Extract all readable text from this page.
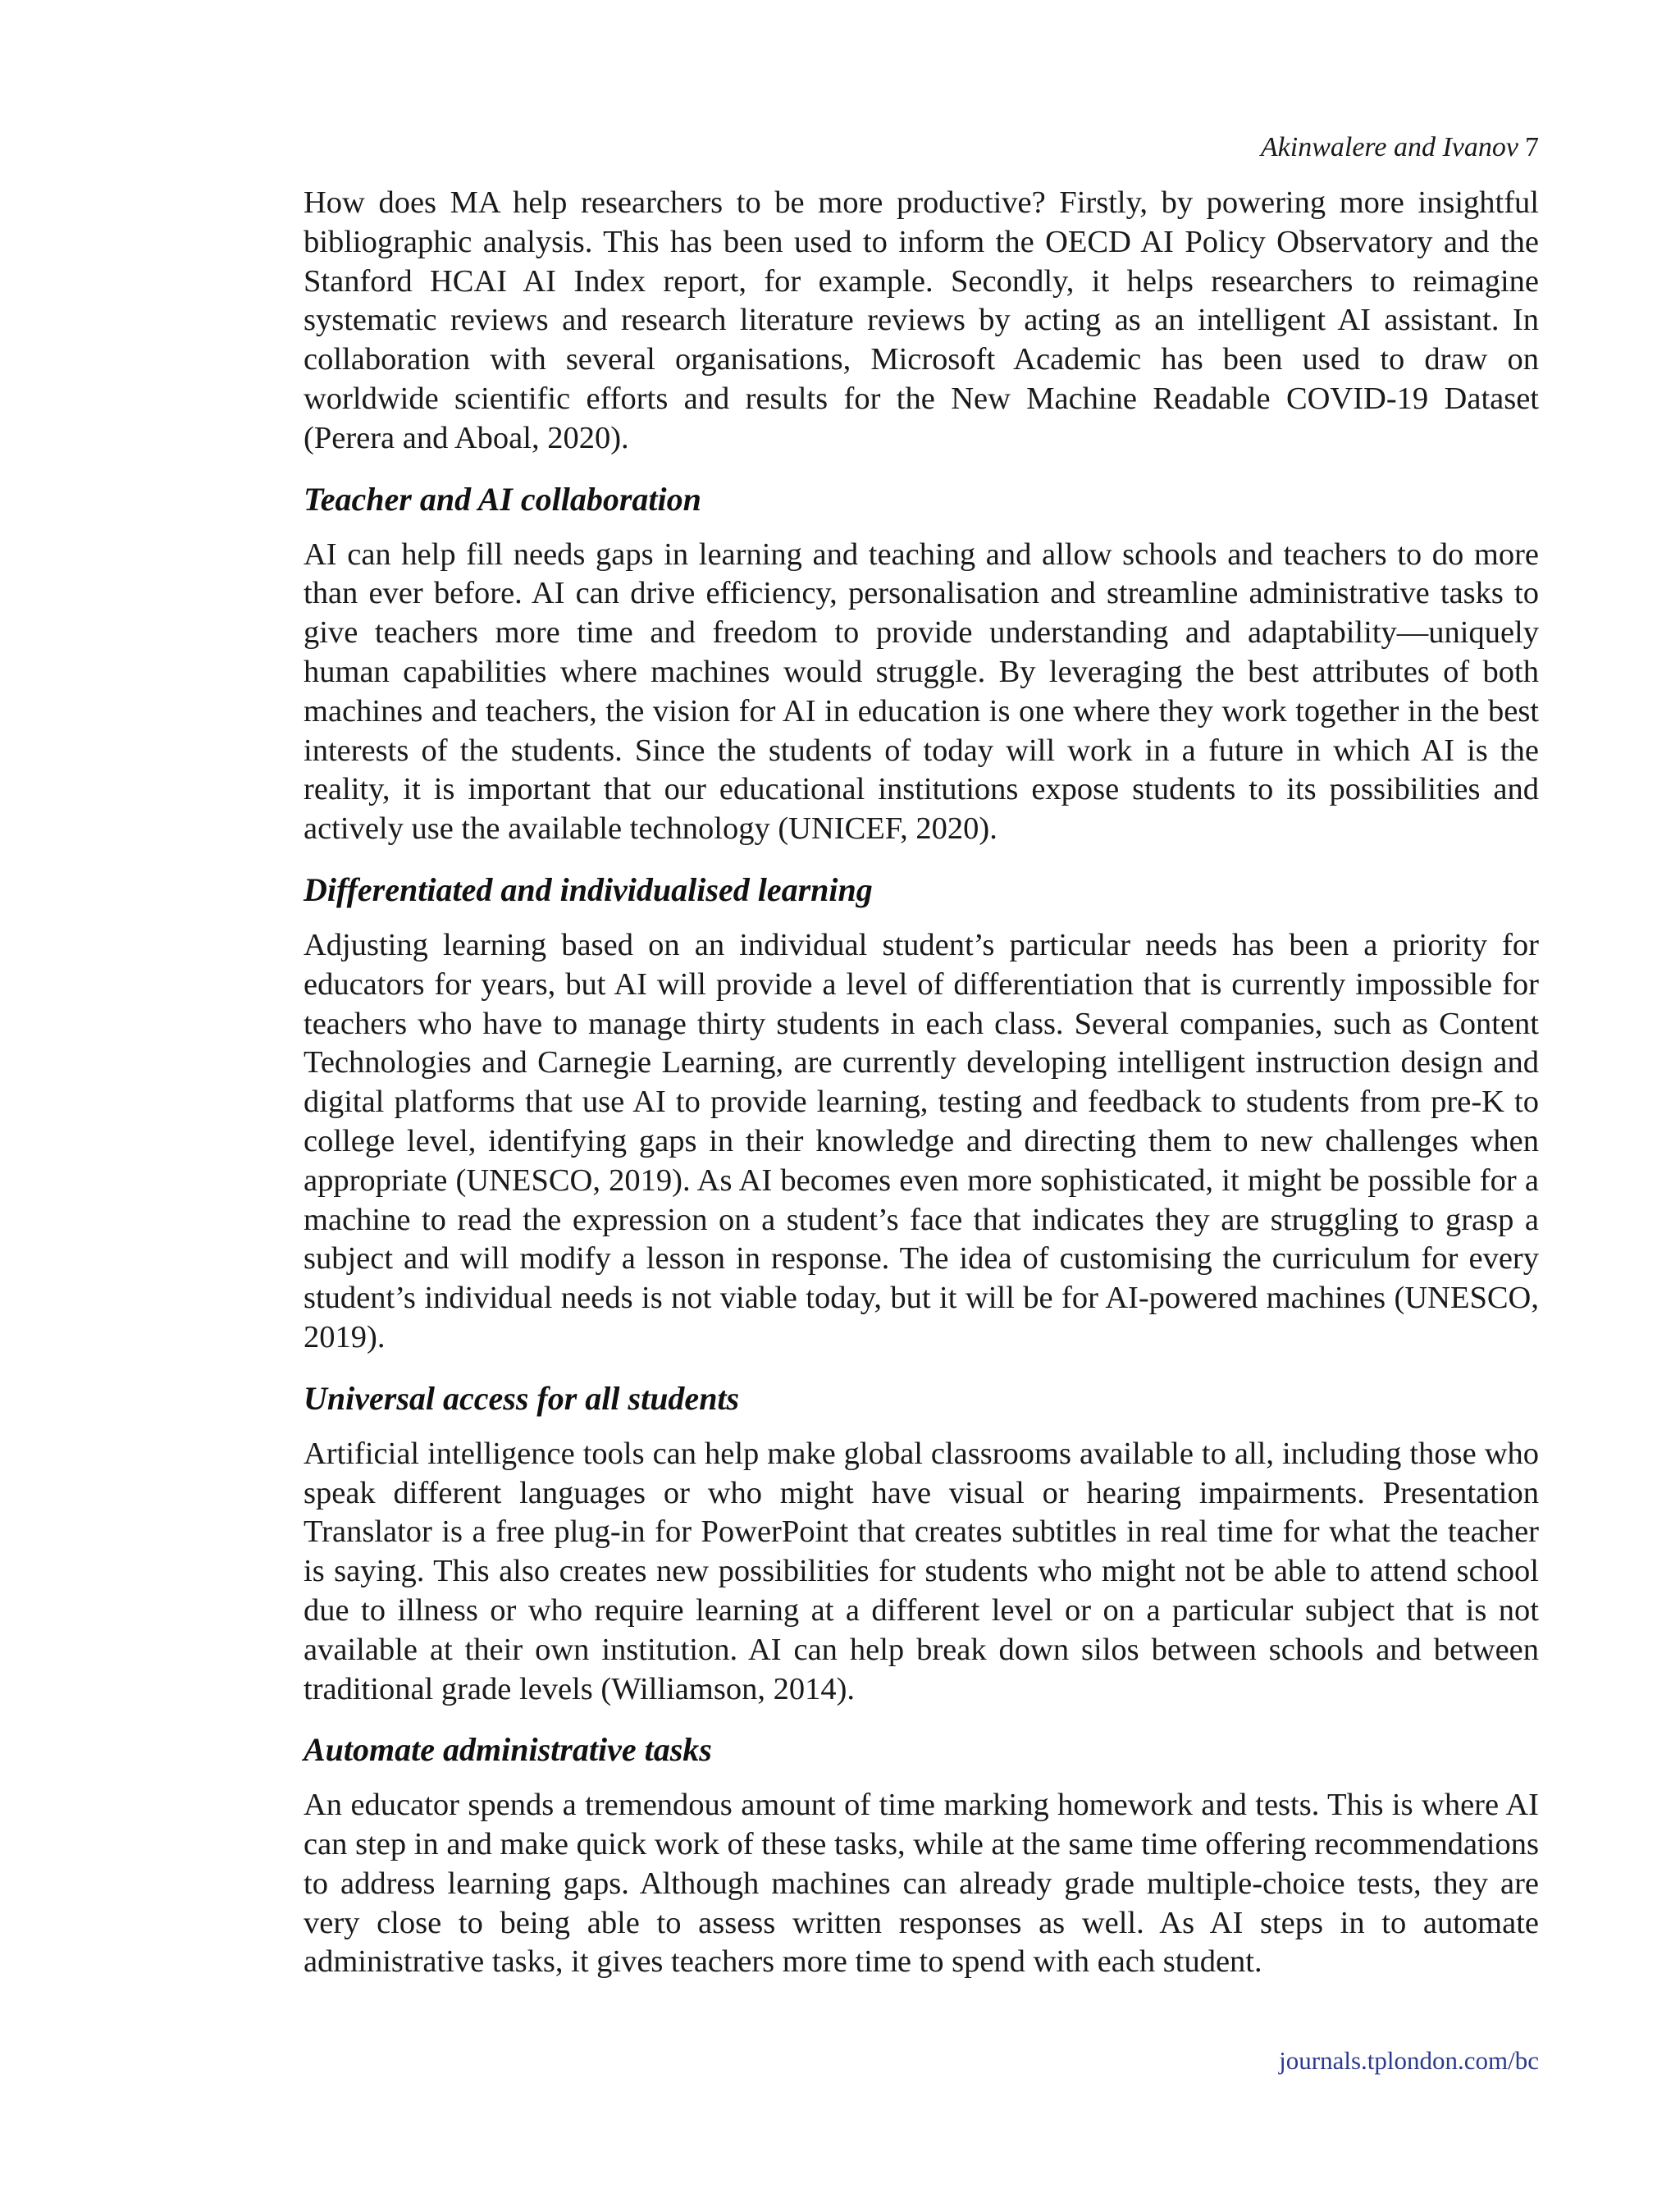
Akinwalere and Ivanov 7

How does MA help researchers to be more productive? Firstly, by powering more insightful bibliographic analysis. This has been used to inform the OECD AI Policy Observatory and the Stanford HCAI AI Index report, for example. Secondly, it helps researchers to reimagine systematic reviews and research literature reviews by acting as an intelligent AI assistant. In collaboration with several organisations, Microsoft Academic has been used to draw on worldwide scientific efforts and results for the New Machine Readable COVID-19 Dataset (Perera and Aboal, 2020).

Teacher and AI collaboration

AI can help fill needs gaps in learning and teaching and allow schools and teachers to do more than ever before. AI can drive efficiency, personalisation and streamline administrative tasks to give teachers more time and freedom to provide understanding and adaptability—uniquely human capabilities where machines would struggle. By leveraging the best attributes of both machines and teachers, the vision for AI in education is one where they work together in the best interests of the students. Since the students of today will work in a future in which AI is the reality, it is important that our educational institutions expose students to its possibilities and actively use the available technology (UNICEF, 2020).

Differentiated and individualised learning

Adjusting learning based on an individual student’s particular needs has been a priority for educators for years, but AI will provide a level of differentiation that is currently impossible for teachers who have to manage thirty students in each class. Several companies, such as Content Technologies and Carnegie Learning, are currently developing intelligent instruction design and digital platforms that use AI to provide learning, testing and feedback to students from pre-K to college level, identifying gaps in their knowledge and directing them to new challenges when appropriate (UNESCO, 2019). As AI becomes even more sophisticated, it might be possible for a machine to read the expression on a student’s face that indicates they are struggling to grasp a subject and will modify a lesson in response. The idea of customising the curriculum for every student’s individual needs is not viable today, but it will be for AI-powered machines (UNESCO, 2019).

Universal access for all students

Artificial intelligence tools can help make global classrooms available to all, including those who speak different languages or who might have visual or hearing impairments. Presentation Translator is a free plug-in for PowerPoint that creates subtitles in real time for what the teacher is saying. This also creates new possibilities for students who might not be able to attend school due to illness or who require learning at a different level or on a particular subject that is not available at their own institution. AI can help break down silos between schools and between traditional grade levels (Williamson, 2014).

Automate administrative tasks

An educator spends a tremendous amount of time marking homework and tests. This is where AI can step in and make quick work of these tasks, while at the same time offering recommendations to address learning gaps. Although machines can already grade multiple-choice tests, they are very close to being able to assess written responses as well. As AI steps in to automate administrative tasks, it gives teachers more time to spend with each student.

journals.tplondon.com/bc
